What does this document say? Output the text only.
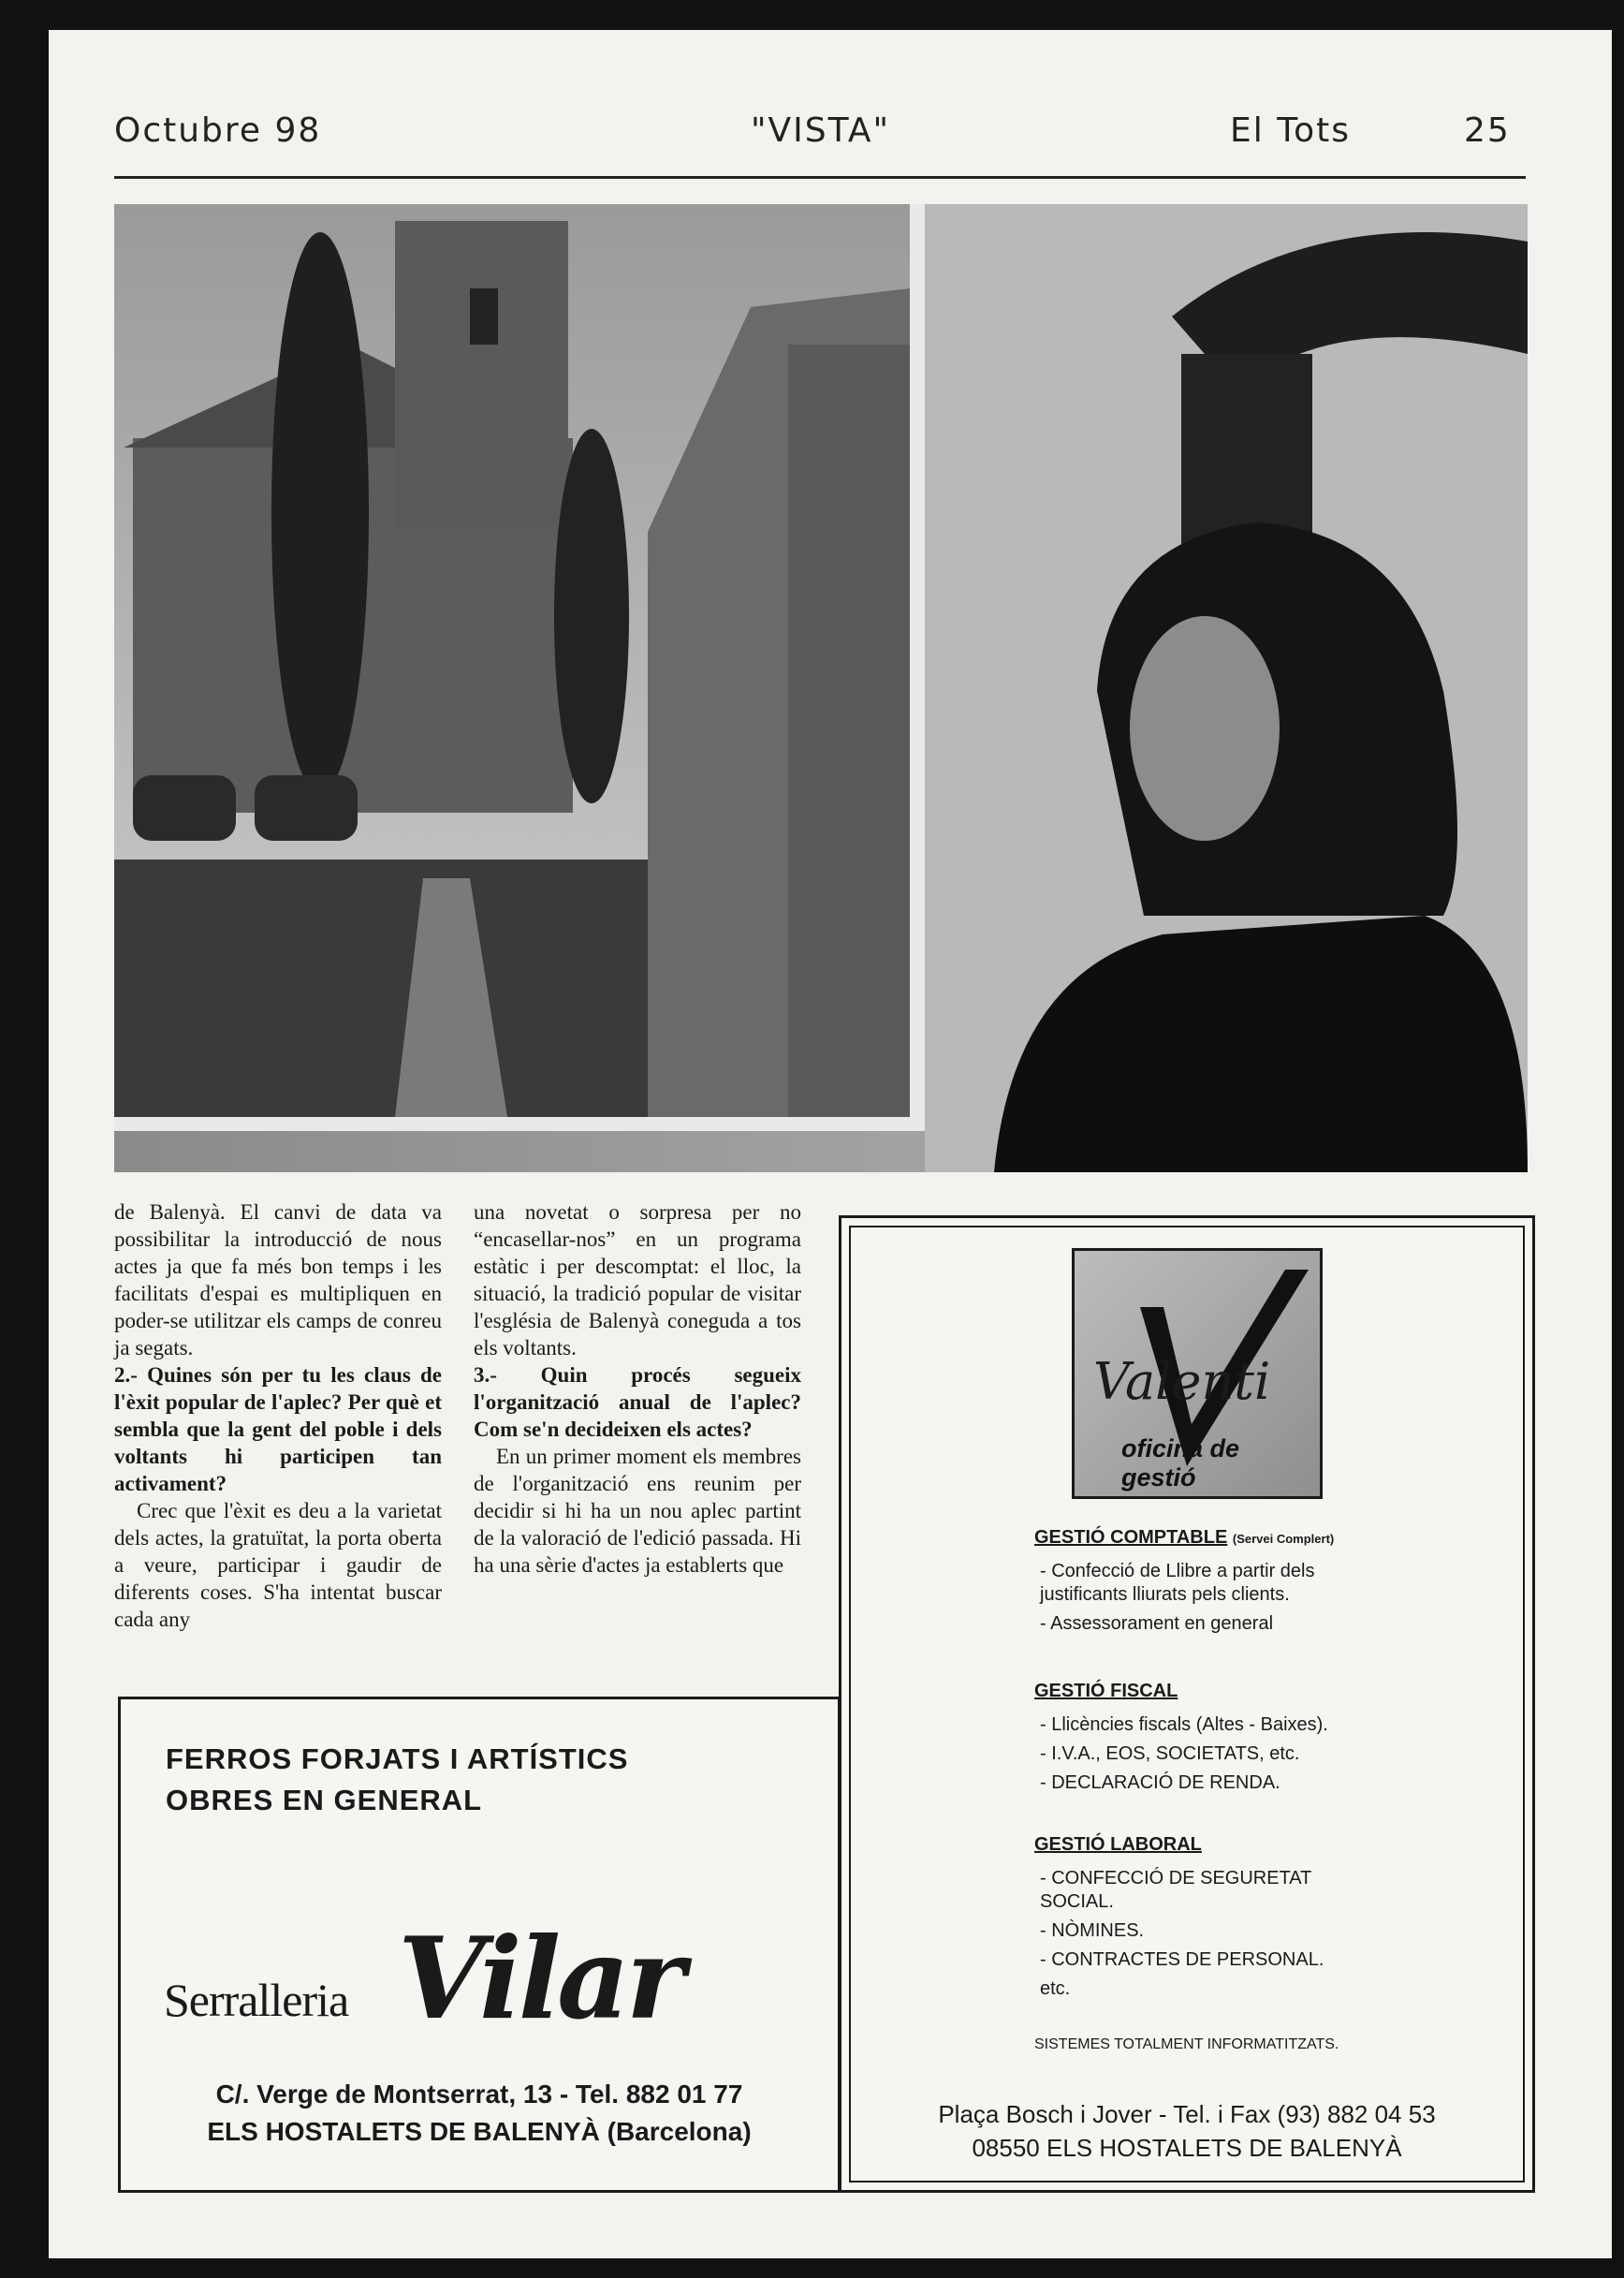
Octubre 98	"VISTA"	El Tots	25

de Balenyà. El canvi de data va possibilitar la introducció de nous actes ja que fa més bon temps i les facilitats d'espai es multipliquen en poder-se utilitzar els camps de conreu ja segats.

2.- Quines són per tu les claus de l'èxit popular de l'aplec? Per què et sembla que la gent del poble i dels voltants hi participen tan activament?

Crec que l'èxit es deu a la varietat dels actes, la gratuïtat, la porta oberta a veure, participar i gaudir de diferents coses. S'ha intentat buscar cada any

una novetat o sorpresa per no “encasellar-nos” en un programa estàtic i per descomptat: el lloc, la situació, la tradició popular de visitar l'església de Balenyà coneguda a tos els voltants.

3.- Quin procés segueix l'organització anual de l'aplec? Com se'n decideixen els actes?

En un primer moment els membres de l'organització ens reunim per decidir si hi ha un nou aplec partint de la valoració de l'edició passada. Hi ha una sèrie d'actes ja establerts que

FERROS FORJATS I ARTÍSTICS
OBRES EN GENERAL
Serralleria Vilar
C/. Verge de Montserrat, 13 - Tel. 882 01 77
ELS HOSTALETS DE BALENYÀ (Barcelona)
Valenti
oficina de gestió
GESTIÓ COMPTABLE (Servei Complert)
- Confecció de Llibre a partir dels justificants lliurats pels clients.
- Assessorament en general
GESTIÓ FISCAL
- Llicències fiscals (Altes - Baixes).
- I.V.A., EOS, SOCIETATS, etc.
- DECLARACIÓ DE RENDA.
GESTIÓ LABORAL
- CONFECCIÓ DE SEGURETAT SOCIAL.
- NÒMINES.
- CONTRACTES DE PERSONAL.
etc.
SISTEMES TOTALMENT INFORMATITZATS.
Plaça Bosch i Jover - Tel. i Fax (93) 882 04 53
08550 ELS HOSTALETS DE BALENYÀ
